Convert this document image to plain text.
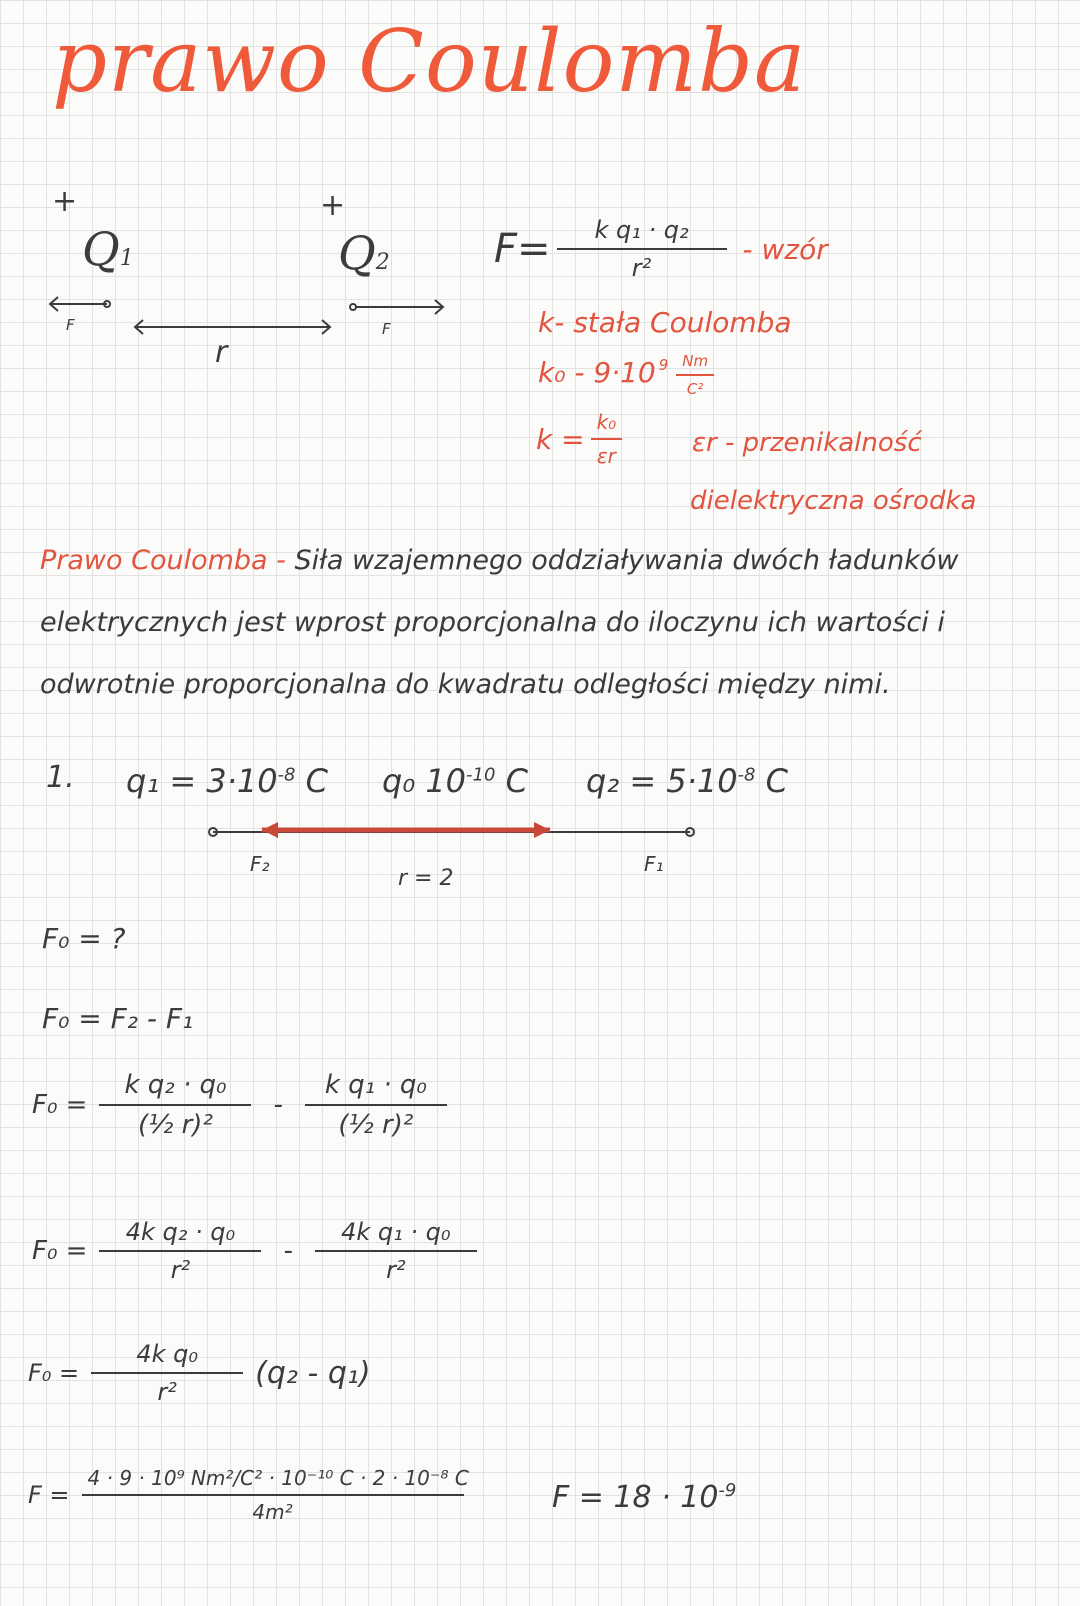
prawo Coulomba
+	+
Q1	Q2
F	F
r
$F= \frac{\text{k q₁ · q₂}}{\text{r²}}$ - wzór
k- stała Coulomba
k₀ - 9·10 $9 \frac{Nm}{\text{C²}}$
$k = \frac{\text{k₀}}{\varepsilon r}$	εr - przenikalność
dielektryczna ośrodka
Prawo Coulomba - Siła wzajemnego oddziaływania dwóch ładunków elektrycznych jest wprost proporcjonalna do iloczynu ich wartości i odwrotnie proporcjonalna do kwadratu odległości między nimi.
1. $q_1 = 3\cdot 10^{-8}$ C q₀ $10^{-10}$ C $q_2 = 5\cdot 10^{-8}$ C
F₂	F₁
r = 2
F₀ = ?
F₀ = F₂ - F₁
$F_0 = \frac{\text{k q₂ · q₀}}{\text{(½ r)²}} - \frac{\text{k q₁ · q₀}}{\text{(½ r)²}}$
$F_0 = \frac{\text{4k q₂ · q₀}}{\text{r²}} - \frac{\text{4k q₁ · q₀}}{\text{r²}}$
$F_0 = \frac{\text{4k q₀}}{\text{r²}} (q_2 - q_1)$
$F = \frac{\text{4 · 9 · 10⁹ Nm²/C² · 10⁻¹⁰ C · 2 · 10⁻⁸ C}}{\text{4m²}}$	$F = 18 \cdot 10^{-9}$
